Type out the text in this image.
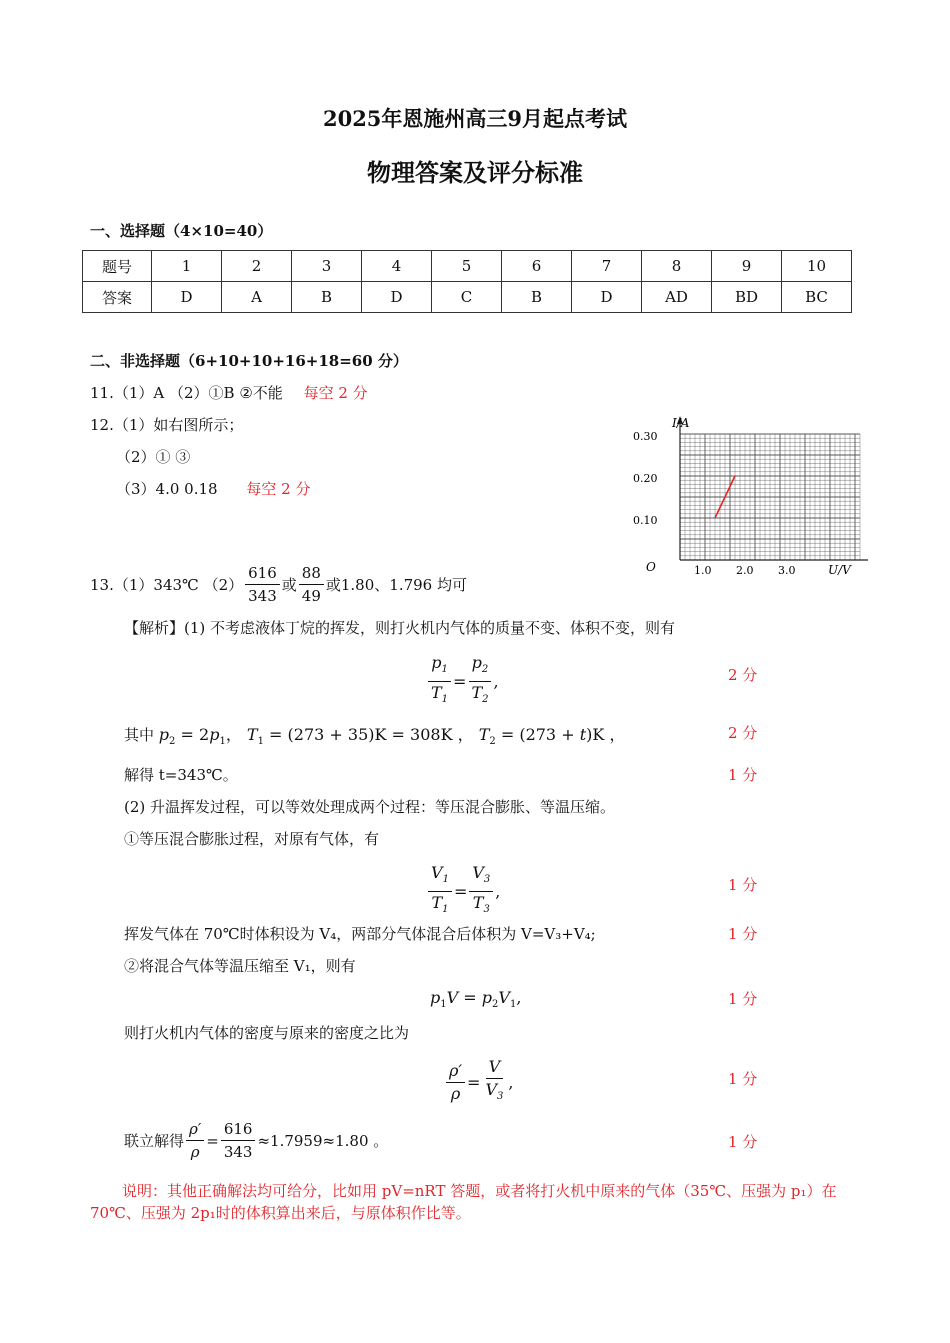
2025年恩施州高三9月起点考试
物理答案及评分标准
一、选择题（4×10=40）
题号	1	2	3	4	5	6	7	8	9	10
答案	D	A	B	D	C	B	D	AD	BD	BC
二、非选择题（6+10+10+16+18=60 分）
11.（1）A （2）①B ②不能 每空 2 分
12.（1）如右图所示；
（2）① ③
（3）4.0 0.18 每空 2 分
I/A
U/V
O
0.30
0.20
0.10
1.0 2.0 3.0
13.（1）343℃ $(2) \frac{616}{343}$ 或 $\frac{88}{49}$ 或1.80、1.796 均可
【解析】(1) 不考虑液体丁烷的挥发，则打火机内气体的质量不变、体积不变，则有
$\frac{p_1}{T_1} = \frac{p_2}{T_2}$ ,	2 分
其中 $p_2 = 2p_1$， $T_1 = (273 + 35)K = 308K$ ， $T_2 = (273 + t)K$ ，	2 分
解得 t=343℃。	1 分
(2) 升温挥发过程，可以等效处理成两个过程：等压混合膨胀、等温压缩。
①等压混合膨胀过程，对原有气体，有
$\frac{V_1}{T_1} = \frac{V_3}{T_3}$ ,	1 分
挥发气体在 70℃时体积设为 V₄，两部分气体混合后体积为 V=V₃+V₄;	1 分
②将混合气体等温压缩至 V₁，则有
$p_1V = p_2V_1$,	1 分
则打火机内气体的密度与原来的密度之比为
$\frac{\rho'}{\rho} = \frac{V}{V_3}$ ,	1 分
联立解得 $\frac{\rho'}{\rho} = \frac{616}{343} \approx 1.7959\approx 1.80$ 。	1 分
说明：其他正确解法均可给分，比如用 pV=nRT 答题，或者将打火机中原来的气体（35℃、压强为 p₁）在 70℃、压强为 2p₁时的体积算出来后，与原体积作比等。
